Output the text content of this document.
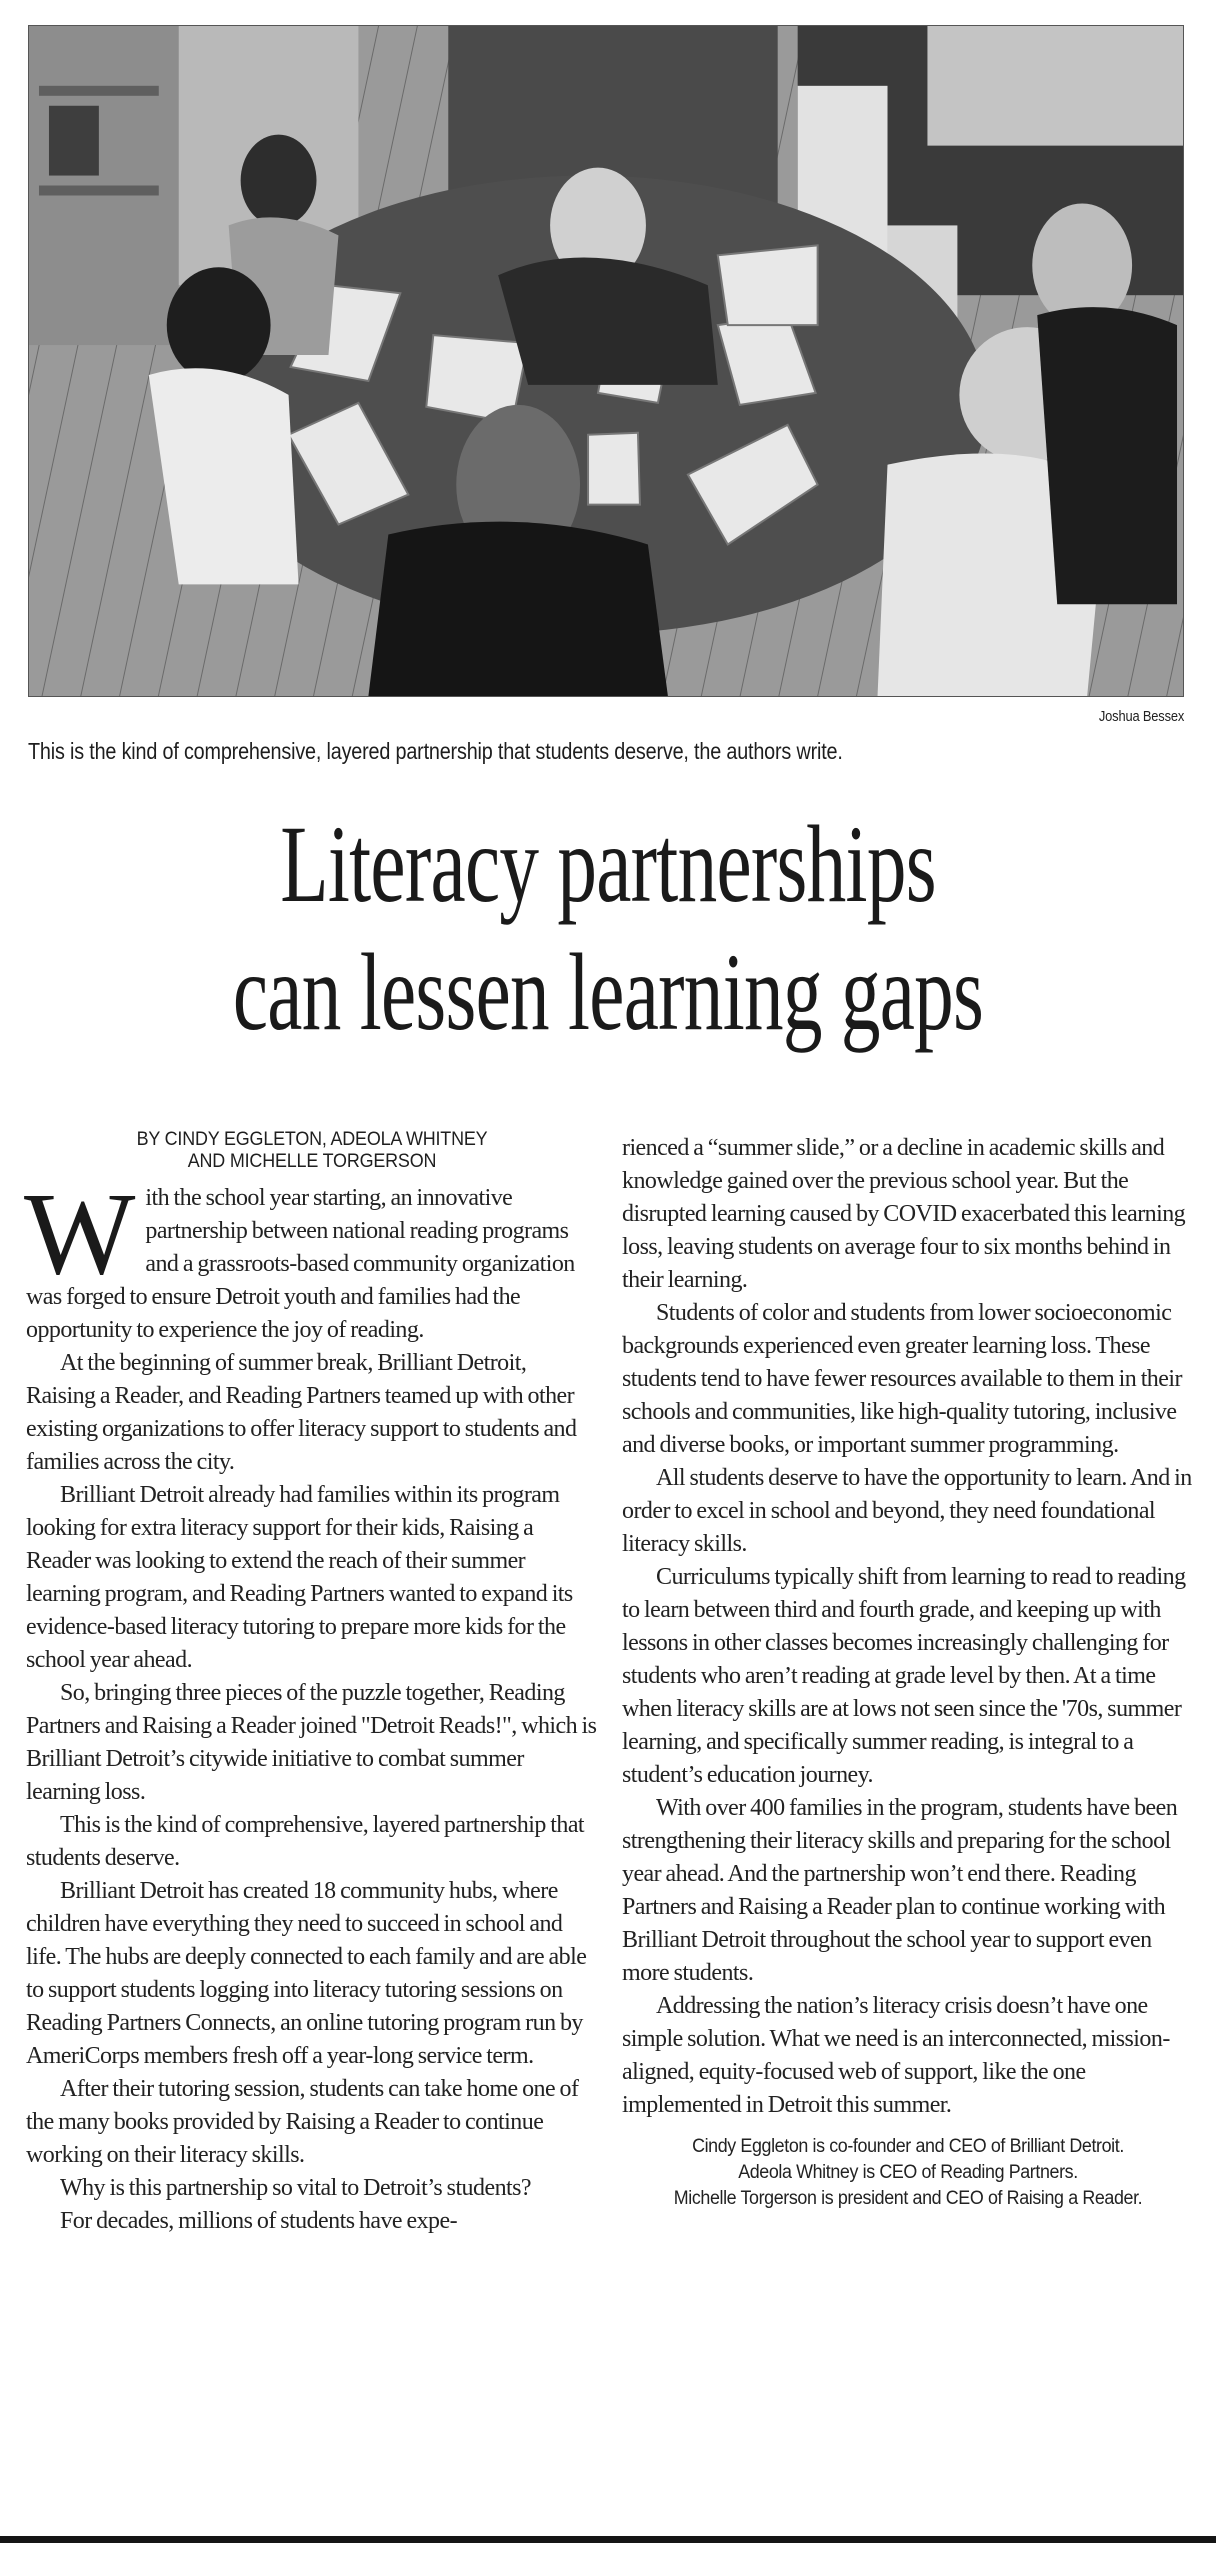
Joshua Bessex
This is the kind of comprehensive, layered partnership that students deserve, the authors write.
Literacy partnerships
can lessen learning gaps
BY CINDY EGGLETON, ADEOLA WHITNEY
AND MICHELLE TORGERSON

W ith the school year starting, an innovative partnership between national reading programs and a grassroots-based community organization was forged to ensure Detroit youth and families had the opportunity to experience the joy of reading.

At the beginning of summer break, Brilliant Detroit, Raising a Reader, and Reading Partners teamed up with other existing organizations to offer literacy support to students and families across the city.

Brilliant Detroit already had families within its program looking for extra literacy support for their kids, Raising a Reader was looking to extend the reach of their summer learning program, and Reading Partners wanted to expand its evidence-based literacy tutoring to prepare more kids for the school year ahead.

So, bringing three pieces of the puzzle together, Reading Partners and Raising a Reader joined "Detroit Reads!", which is Brilliant Detroit’s citywide initiative to combat summer learning loss.

This is the kind of comprehensive, layered partnership that students deserve.

Brilliant Detroit has created 18 community hubs, where children have everything they need to succeed in school and life. The hubs are deeply connected to each family and are able to support students logging into literacy tutoring sessions on Reading Partners Connects, an online tutoring program run by AmeriCorps members fresh off a year-long service term.

After their tutoring session, students can take home one of the many books provided by Raising a Reader to continue working on their literacy skills.

Why is this partnership so vital to Detroit’s students?

For decades, millions of students have expe-

rienced a “summer slide,” or a decline in academic skills and knowledge gained over the previous school year. But the disrupted learning caused by COVID exacerbated this learning loss, leaving students on average four to six months behind in their learning.

Students of color and students from lower socioeconomic backgrounds experienced even greater learning loss. These students tend to have fewer resources available to them in their schools and communities, like high-quality tutoring, inclusive and diverse books, or important summer programming.

All students deserve to have the opportunity to learn. And in order to excel in school and beyond, they need foundational literacy skills.

Curriculums typically shift from learning to read to reading to learn between third and fourth grade, and keeping up with lessons in other classes becomes increasingly challenging for students who aren’t reading at grade level by then. At a time when literacy skills are at lows not seen since the '70s, summer learning, and specifically summer reading, is integral to a student’s education journey.

With over 400 families in the program, students have been strengthening their literacy skills and preparing for the school year ahead. And the partnership won’t end there. Reading Partners and Raising a Reader plan to continue working with Brilliant Detroit throughout the school year to support even more students.

Addressing the nation’s literacy crisis doesn’t have one simple solution. What we need is an interconnected, mission-aligned, equity-focused web of support, like the one implemented in Detroit this summer.

Cindy Eggleton is co-founder and CEO of Brilliant Detroit.
Adeola Whitney is CEO of Reading Partners.
Michelle Torgerson is president and CEO of Raising a Reader.
